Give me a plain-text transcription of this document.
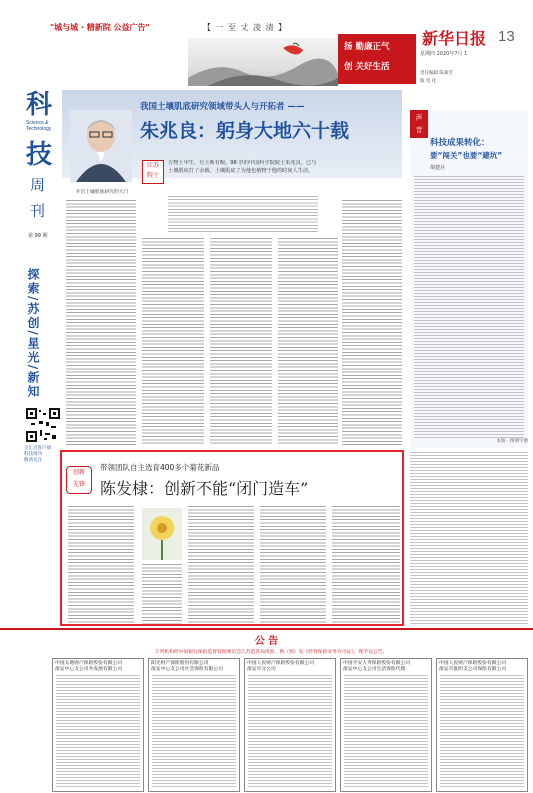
"城与城 · 精新院 公益广告"	【 一 至 丈 凌 清 】
扬 勤廉正气
创 关好生活
新华日报 13
星期四 2020年7月 1
责任编辑 陈素芳
版 电 化
科
Science & Technology
技
周
刊
第 99 期
探索/苏创/星光/新知
交汇点客户端
科技周刊
敬请关注
我国土壤肌底研究领域带头人与开拓者 ——
朱兆良：躬身大地六十载
江苏
院士
万物土中生，有土斯有粮。98 岁的中国科学院院士朱兆良，已与土壤肌底打了余载。土壤肌底了为他也植物于他的时间人生动。
开启土壤肌底研究的大门
声
音
科技成果转化：
要“闯关”也要“避坑”
胡建兵
本版一图钢字源
创新
先锋
带领团队自主选育400多个菊花新品
陈发棣：创新不能“闭门造车”
公 告
下列机构经中国银行保险监督管理委员会江苏监管局批准，换（颁）发《经营保险业务许可证》，现予以公告。
中国太地财产保险股份有限公司
淮安中心支公司共发展有限公司
阳光财产保险股份有限公司
淮安中心支公司社会保险有限公司
中国人民财产保险股份有限公司
淮安市分公司
中国平安人寿保险股份有限公司
淮安中心支公司生活保险代理
中国人民财产保险股份有限公司
淮安市淮阴支公司保险有限公司
